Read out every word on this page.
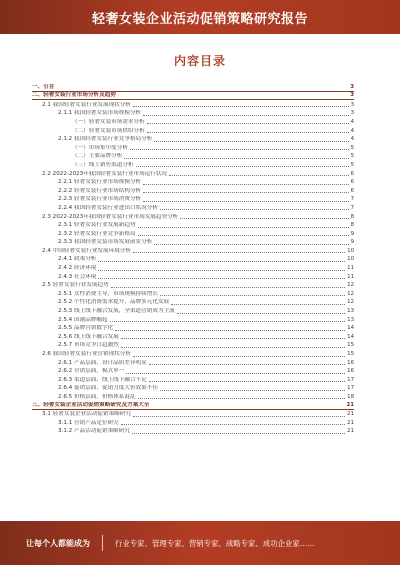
轻奢女装企业活动促销策略研究报告
内容目录
一、引言	3
二、轻奢女装行业市场分析及趋势	3
2.1 我国轻奢女装行业发展现状分析	3
2.1.1 我国轻奢女装市场规模分析	3
（一）轻奢女装市场需求分析	4
（二）轻奢女装市场供给分析	4
2.1.2 我国轻奢女装行业竞争格局分析	4
（一）市场集中度分析	5
（二）主要品牌分析	5
（三）线上销售渠道分析	5
2.2 2022-2023年我国轻奢女装行业市场运行状况	6
2.2.1 轻奢女装行业市场规模分析	6
2.2.2 轻奢女装行业市场结构分析	6
2.2.3 轻奢女装行业市场消费分析	7
2.2.4 我国轻奢女装行业进出口状况分析	7
2.3 2022-2023年我国轻奢女装行业市场发展趋势分析	8
2.3.1 轻奢女装行业发展新趋势	8
2.3.2 轻奢女装行业竞争新格局	9
2.3.3 我国轻奢女装市场发展前景分析	9
2.4 中国轻奢女装行业发展环境分析	10
2.4.1 政策分析	10
2.4.2 经济环境	11
2.4.3 社会环境	11
2.5 轻奢女装行业发展趋势	12
2.5.1 女性消费主导，市场规模持续增长	12
2.5.2 个性化消费需求提升，品牌多元化发展	12
2.5.3 线上线下融合发展，全渠道营销成为主流	13
2.5.4 国潮品牌崛起	13
2.5.5 品牌营销数字化	14
2.5.6 线上线下融合发展	14
2.5.7 市场竞争日趋激烈	15
2.6 我国轻奢女装行业营销现状分析	15
2.6.1 产品层面，设计品质差异明显	16
2.6.2 营销层面，模式单一	16
2.6.3 渠道层面，线上线下融合不足	17
2.6.4 促销层面，促销力度大但效果不佳	17
2.6.5 价格层面，价格体系混乱	18
三、轻奢女装企业活动促销策略研究及方案大全	21
3.1 轻奢女装企业活动促销策略研究	21
3.1.1 营销产品定位研究	21
3.1.2 产品活动促销策略研究	21
让每个人都能成为	行业专家、管理专家、营销专家、战略专家、成功企业家……
